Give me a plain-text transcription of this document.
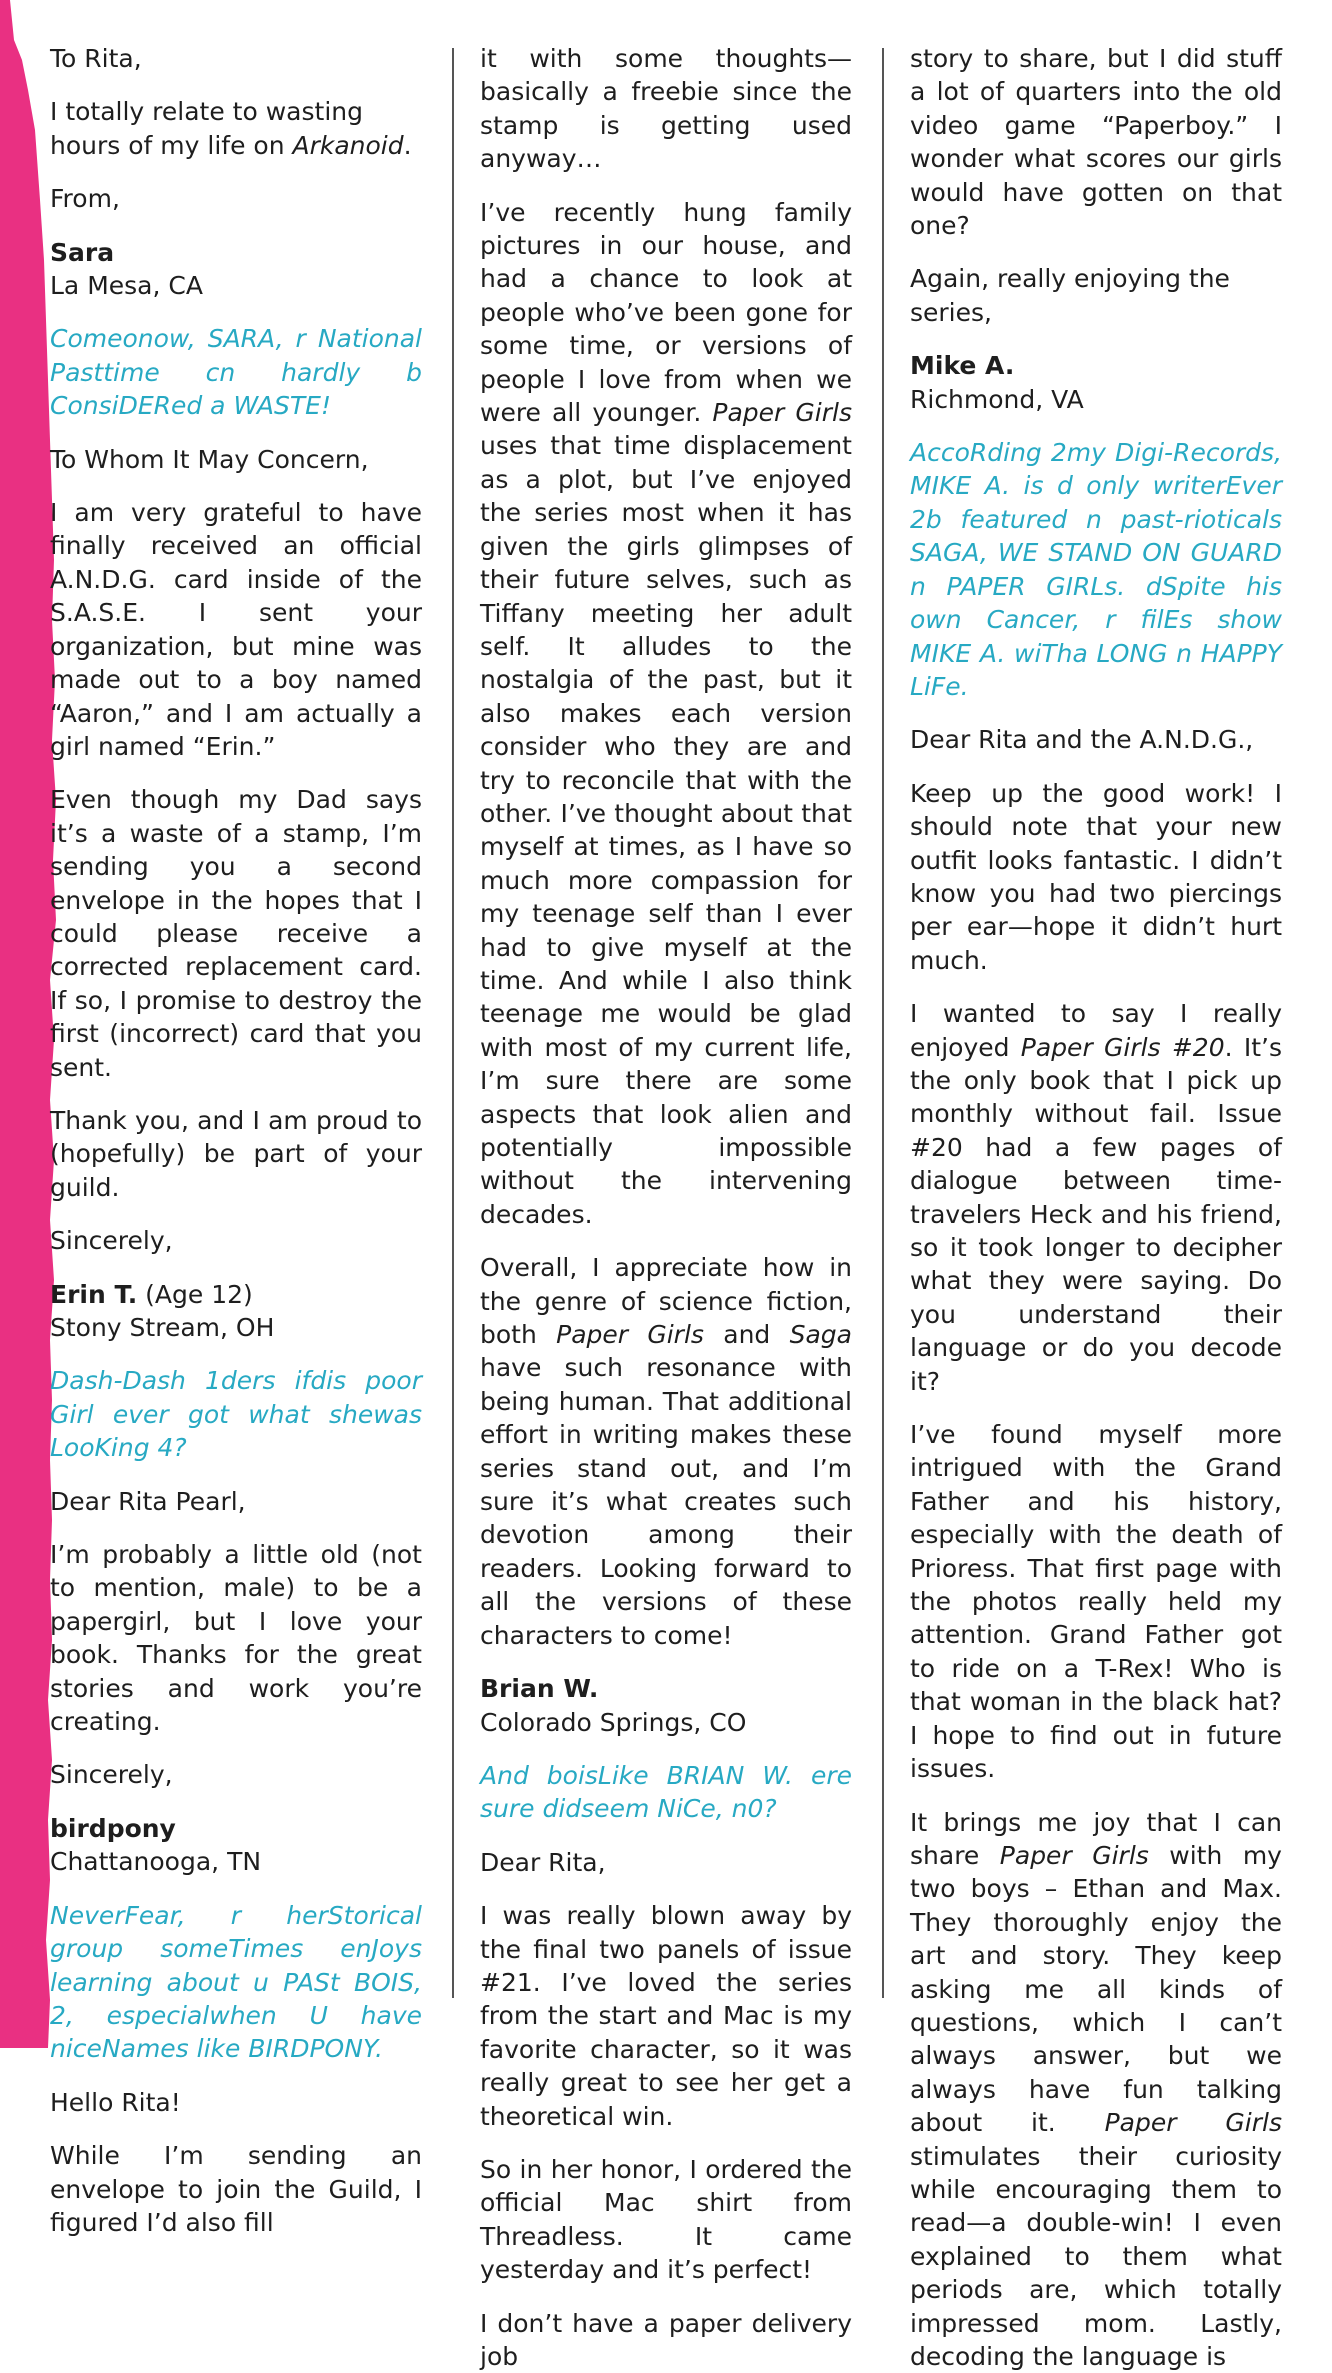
To Rita,

I totally relate to wasting hours of my life on Arkanoid.

From,

Sara

La Mesa, CA

Comeonow, SARA, r National Pasttime cn hardly b ConsiDERed a WASTE!

To Whom It May Concern,

I am very grateful to have finally received an official A.N.D.G. card inside of the S.A.S.E. I sent your organization, but mine was made out to a boy named “Aaron,” and I am actually a girl named “Erin.”

Even though my Dad says it’s a waste of a stamp, I’m sending you a second envelope in the hopes that I could please receive a corrected replacement card. If so, I promise to destroy the first (incorrect) card that you sent.

Thank you, and I am proud to (hopefully) be part of your guild.

Sincerely,

Erin T. (Age 12)

Stony Stream, OH

Dash-Dash 1ders ifdis poor Girl ever got what shewas LooKing 4?

Dear Rita Pearl,

I’m probably a little old (not to mention, male) to be a papergirl, but I love your book. Thanks for the great stories and work you’re creating.

Sincerely,

birdpony

Chattanooga, TN

NeverFear, r herStorical group someTimes enJoys learning about u PASt BOIS, 2, especialwhen U have niceNames like BIRDPONY.

Hello Rita!

While I’m sending an envelope to join the Guild, I figured I’d also fill

it with some thoughts—basically a freebie since the stamp is getting used anyway…

I’ve recently hung family pictures in our house, and had a chance to look at people who’ve been gone for some time, or versions of people I love from when we were all younger. Paper Girls uses that time displacement as a plot, but I’ve enjoyed the series most when it has given the girls glimpses of their future selves, such as Tiffany meeting her adult self. It alludes to the nostalgia of the past, but it also makes each version consider who they are and try to reconcile that with the other. I’ve thought about that myself at times, as I have so much more compassion for my teenage self than I ever had to give myself at the time. And while I also think teenage me would be glad with most of my current life, I’m sure there are some aspects that look alien and potentially impossible without the intervening decades.

Overall, I appreciate how in the genre of science fiction, both Paper Girls and Saga have such resonance with being human. That additional effort in writing makes these series stand out, and I’m sure it’s what creates such devotion among their readers. Looking forward to all the versions of these characters to come!

Brian W.

Colorado Springs, CO

And boisLike BRIAN W. ere sure didseem NiCe, n0?

Dear Rita,

I was really blown away by the final two panels of issue #21. I’ve loved the series from the start and Mac is my favorite character, so it was really great to see her get a theoretical win.

So in her honor, I ordered the official Mac shirt from Threadless. It came yesterday and it’s perfect!

I don’t have a paper delivery job

story to share, but I did stuff a lot of quarters into the old video game “Paperboy.” I wonder what scores our girls would have gotten on that one?

Again, really enjoying the series,

Mike A.

Richmond, VA

AccoRding 2my Digi-Records, MIKE A. is d only writerEver 2b featured n past-rioticals SAGA, WE STAND ON GUARD n PAPER GIRLs. dSpite his own Cancer, r filEs show MIKE A. wiTha LONG n HAPPY LiFe.

Dear Rita and the A.N.D.G.,

Keep up the good work! I should note that your new outfit looks fantastic. I didn’t know you had two piercings per ear—hope it didn’t hurt much.

I wanted to say I really enjoyed Paper Girls #20. It’s the only book that I pick up monthly without fail. Issue #20 had a few pages of dialogue between time-travelers Heck and his friend, so it took longer to decipher what they were saying. Do you understand their language or do you decode it?

I’ve found myself more intrigued with the Grand Father and his history, especially with the death of Prioress. That first page with the photos really held my attention. Grand Father got to ride on a T-Rex! Who is that woman in the black hat? I hope to find out in future issues.

It brings me joy that I can share Paper Girls with my two boys – Ethan and Max. They thoroughly enjoy the art and story. They keep asking me all kinds of questions, which I can’t always answer, but we always have fun talking about it. Paper Girls stimulates their curiosity while encouraging them to read—a double-win! I even explained to them what periods are, which totally impressed mom. Lastly, decoding the language is
